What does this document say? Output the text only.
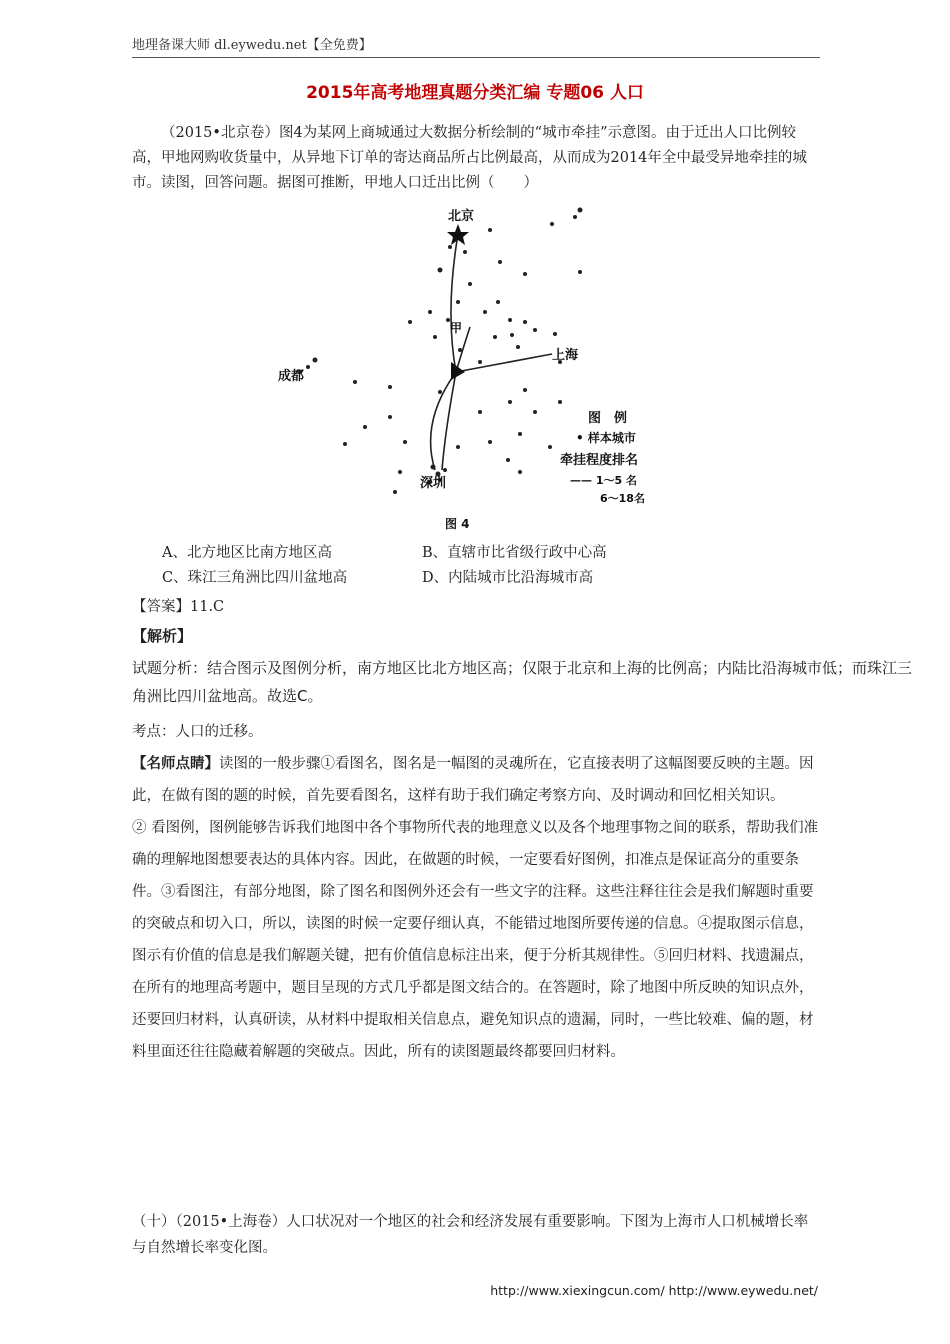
地理备课大师 dl.eywedu.net【全免费】
2015年高考地理真题分类汇编 专题06 人口
（2015•北京卷）图4为某网上商城通过大数据分析绘制的“城市牵挂”示意图。由于迁出人口比例较高，甲地网购收货量中，从异地下订单的寄达商品所占比例最高，从而成为2014年全中最受异地牵挂的城市。读图，回答问题。据图可推断，甲地人口迁出比例（　　）
北京
甲
上海
成都
深圳
图　例
• 样本城市
牵挂程度排名
—— 1～5 名
6～18名
图 4
A、北方地区比南方地区高	B、直辖市比省级行政中心高
C、珠江三角洲比四川盆地高	D、内陆城市比沿海城市高
【答案】11.C
【解析】
试题分析：结合图示及图例分析，南方地区比北方地区高；仅限于北京和上海的比例高；内陆比沿海城市低；而珠江三角洲比四川盆地高。故选C。
考点：人口的迁移。
【名师点睛】读图的一般步骤①看图名，图名是一幅图的灵魂所在，它直接表明了这幅图要反映的主题。因此，在做有图的题的时候，首先要看图名，这样有助于我们确定考察方向、及时调动和回忆相关知识。
② 看图例，图例能够告诉我们地图中各个事物所代表的地理意义以及各个地理事物之间的联系，帮助我们准确的理解地图想要表达的具体内容。因此，在做题的时候，一定要看好图例，扣准点是保证高分的重要条件。③看图注，有部分地图，除了图名和图例外还会有一些文字的注释。这些注释往往会是我们解题时重要的突破点和切入口，所以，读图的时候一定要仔细认真，不能错过地图所要传递的信息。④提取图示信息，图示有价值的信息是我们解题关键，把有价值信息标注出来，便于分析其规律性。⑤回归材料、找遗漏点，在所有的地理高考题中，题目呈现的方式几乎都是图文结合的。在答题时，除了地图中所反映的知识点外，还要回归材料，认真研读，从材料中提取相关信息点，避免知识点的遗漏，同时，一些比较难、偏的题，材料里面还往往隐藏着解题的突破点。因此，所有的读图题最终都要回归材料。
（十）（2015•上海卷）人口状况对一个地区的社会和经济发展有重要影响。下图为上海市人口机械增长率与自然增长率变化图。
http://www.xiexingcun.com/ http://www.eywedu.net/
